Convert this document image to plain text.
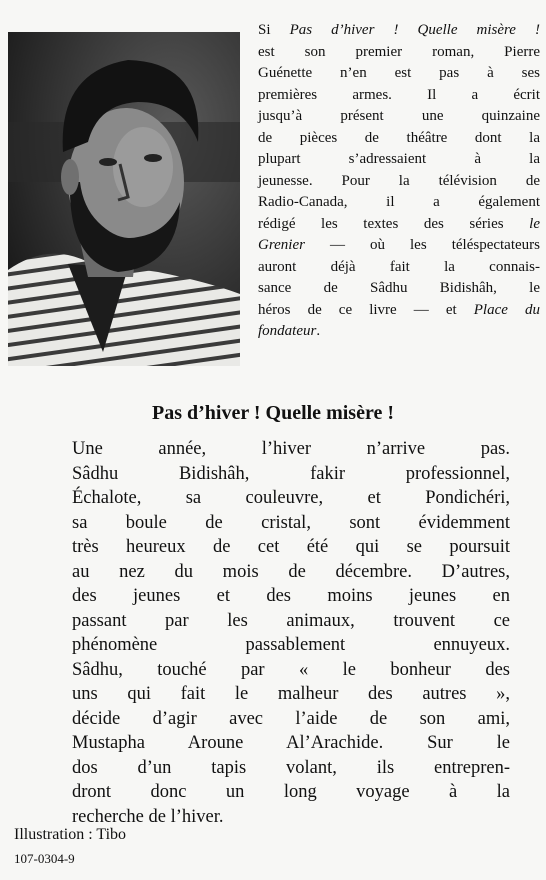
Si Pas d’hiver ! Quelle misère !
est son premier roman, Pierre
Guénette n’en est pas à ses
premières armes. Il a écrit
jusqu’à présent une quinzaine
de pièces de théâtre dont la
plupart s’adressaient à la
jeunesse. Pour la télévision de
Radio-Canada, il a également
rédigé les textes des séries le
Grenier — où les téléspectateurs
auront déjà fait la connais-
sance de Sâdhu Bidishâh, le
héros de ce livre — et Place du
fondateur.
Pas d’hiver ! Quelle misère !
Une année, l’hiver n’arrive pas.
Sâdhu Bidishâh, fakir professionnel,
Échalote, sa couleuvre, et Pondichéri,
sa boule de cristal, sont évidemment
très heureux de cet été qui se poursuit
au nez du mois de décembre. D’autres,
des jeunes et des moins jeunes en
passant par les animaux, trouvent ce
phénomène passablement ennuyeux.
Sâdhu, touché par « le bonheur des
uns qui fait le malheur des autres »,
décide d’agir avec l’aide de son ami,
Mustapha Aroune Al’Arachide. Sur le
dos d’un tapis volant, ils entrepren-
dront donc un long voyage à la
recherche de l’hiver.
Illustration : Tibo
107-0304-9
